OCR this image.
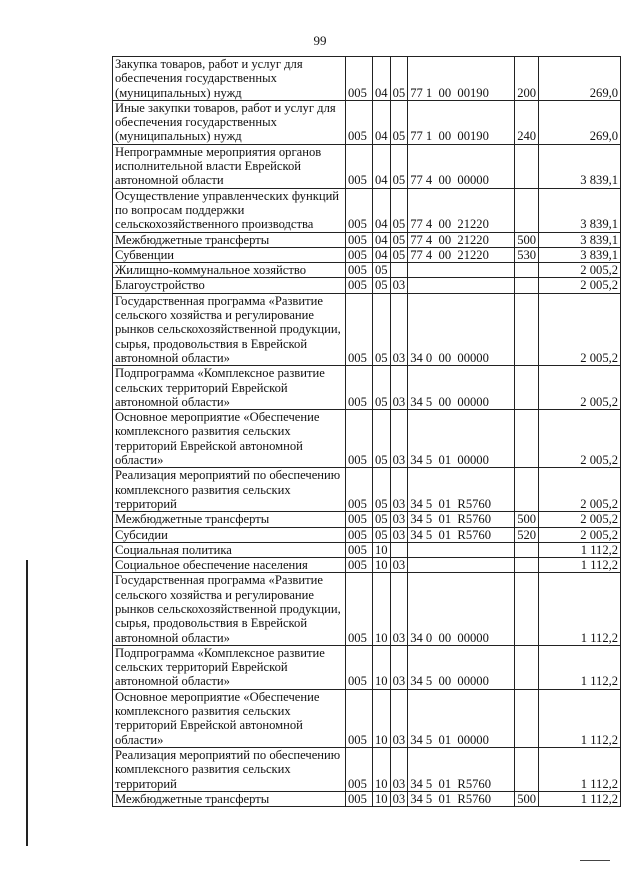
99
Закупка товаров, работ и услуг для
обеспечения государственных
(муниципальных) нужд	005	04	05	77 1  00  00190	200	269,0

Иные закупки товаров, работ и услуг для
обеспечения государственных
(муниципальных) нужд	005	04	05	77 1  00  00190	240	269,0

Непрограммные мероприятия органов
исполнительной власти Еврейской
автономной области	005	04	05	77 4  00  00000		3 839,1

Осуществление управленческих функций
по вопросам поддержки
сельскохозяйственного производства	005	04	05	77 4  00  21220		3 839,1
Межбюджетные трансферты	005	04	05	77 4  00  21220	500	3 839,1
Субвенции	005	04	05	77 4  00  21220	530	3 839,1
Жилищно-коммунальное хозяйство	005	05				2 005,2
Благоустройство	005	05	03			2 005,2

Государственная программа «Развитие
сельского хозяйства и регулирование
рынков сельскохозяйственной продукции,
сырья, продовольствия в Еврейской
автономной области»	005	05	03	34 0  00  00000		2 005,2

Подпрограмма «Комплексное развитие
сельских территорий Еврейской
автономной области»	005	05	03	34 5  00  00000		2 005,2

Основное мероприятие «Обеспечение
комплексного развития сельских
территорий Еврейской автономной
области»	005	05	03	34 5  01  00000		2 005,2

Реализация мероприятий по обеспечению
комплексного развития сельских
территорий	005	05	03	34 5  01  R5760		2 005,2
Межбюджетные трансферты	005	05	03	34 5  01  R5760	500	2 005,2
Субсидии	005	05	03	34 5  01  R5760	520	2 005,2
Социальная политика	005	10				1 112,2
Социальное обеспечение населения	005	10	03			1 112,2

Государственная программа «Развитие
сельского хозяйства и регулирование
рынков сельскохозяйственной продукции,
сырья, продовольствия в Еврейской
автономной области»	005	10	03	34 0  00  00000		1 112,2

Подпрограмма «Комплексное развитие
сельских территорий Еврейской
автономной области»	005	10	03	34 5  00  00000		1 112,2

Основное мероприятие «Обеспечение
комплексного развития сельских
территорий Еврейской автономной
области»	005	10	03	34 5  01  00000		1 112,2

Реализация мероприятий по обеспечению
комплексного развития сельских
территорий	005	10	03	34 5  01  R5760		1 112,2
Межбюджетные трансферты	005	10	03	34 5  01  R5760	500	1 112,2
